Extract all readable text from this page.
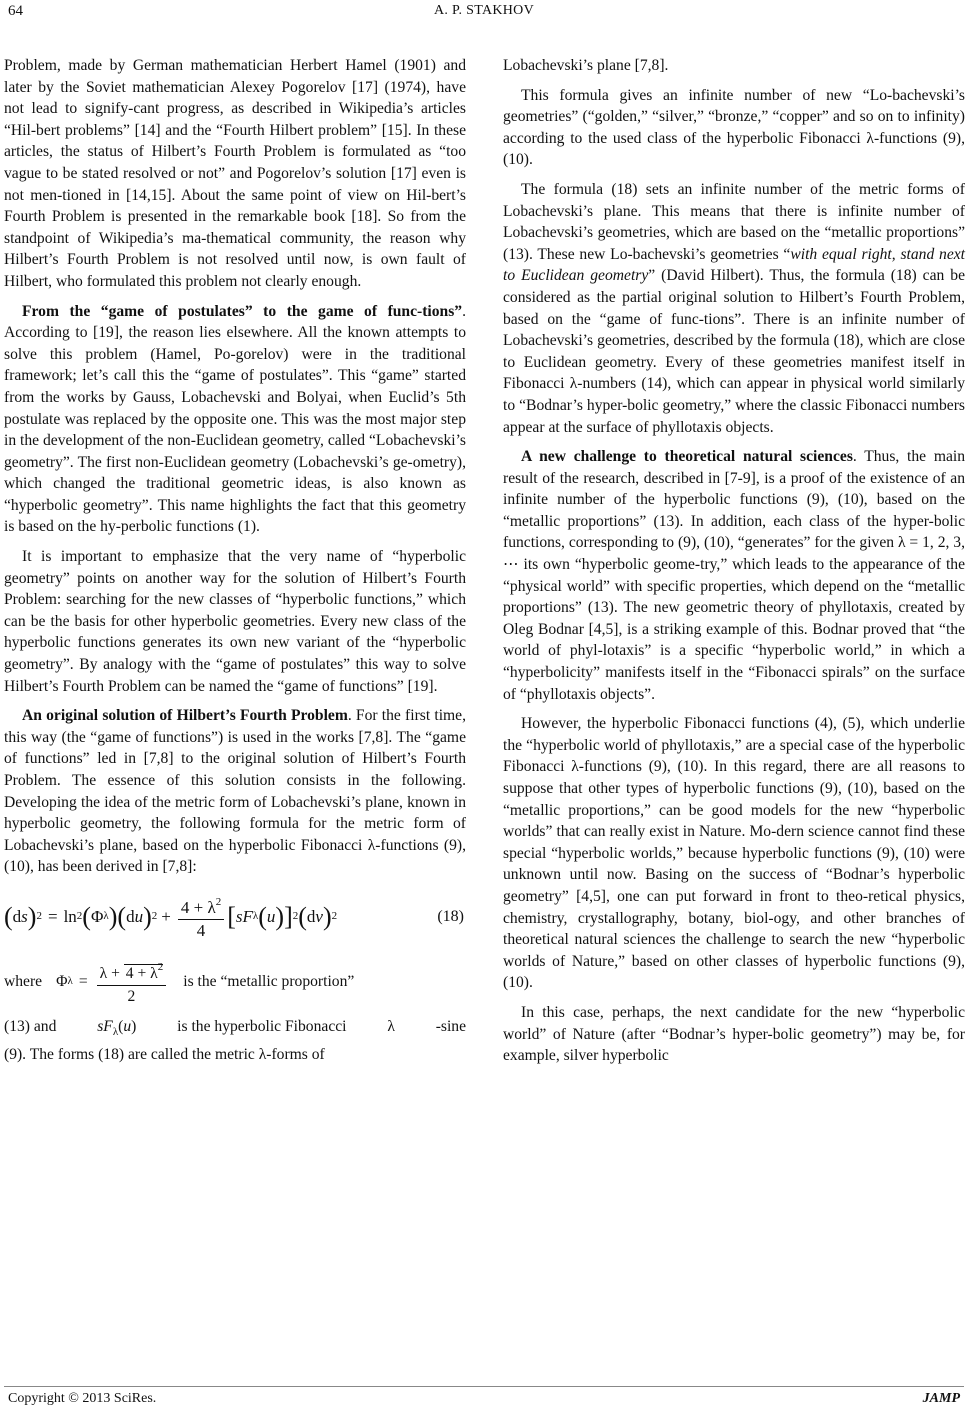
64	A. P. STAKHOV

Problem, made by German mathematician Herbert Hamel (1901) and later by the Soviet mathematician Alexey Pogorelov [17] (1974), have not lead to signify-cant progress, as described in Wikipedia’s articles “Hil-bert problems” [14] and the “Fourth Hilbert problem” [15]. In these articles, the status of Hilbert’s Fourth Problem is formulated as “too vague to be stated resolved or not” and Pogorelov’s solution [17] even is not men-tioned in [14,15]. About the same point of view on Hil-bert’s Fourth Problem is presented in the remarkable book [18]. So from the standpoint of Wikipedia’s ma-thematical community, the reason why Hilbert’s Fourth Problem is not resolved until now, is own fault of Hilbert, who formulated this problem not clearly enough.

From the “game of postulates” to the game of func-tions”. According to [19], the reason lies elsewhere. All the known attempts to solve this problem (Hamel, Po-gorelov) were in the traditional framework; let’s call this the “game of postulates”. This “game” started from the works by Gauss, Lobachevski and Bolyai, when Euclid’s 5th postulate was replaced by the opposite one. This was the most major step in the development of the non-Euclidean geometry, called “Lobachevski’s geometry”. The first non-Euclidean geometry (Lobachevski’s ge-ometry), which changed the traditional geometric ideas, is also known as “hyperbolic geometry”. This name highlights the fact that this geometry is based on the hy-perbolic functions (1).

It is important to emphasize that the very name of “hyperbolic geometry” points on another way for the solution of Hilbert’s Fourth Problem: searching for the new classes of “hyperbolic functions,” which can be the basis for other hyperbolic geometries. Every new class of the hyperbolic functions generates its own new variant of the “hyperbolic geometry”. By analogy with the “game of postulates” this way to solve Hilbert’s Fourth Problem can be named the “game of functions” [19].

An original solution of Hilbert’s Fourth Problem. For the first time, this way (the “game of functions”) is used in the works [7,8]. The “game of functions” led in [7,8] to the original solution of Hilbert’s Fourth Problem. The essence of this solution consists in the following. Developing the idea of the metric form of Lobachevski’s plane, known in hyperbolic geometry, the following formula for the metric form of Lobachevski’s plane, based on the hyperbolic Fibonacci λ-functions (9), (10), has been derived in [7,8]:

( d s ) 2 = ln 2 ( Φ λ ) ( d u ) $2 + \frac{4 + \lambda^2}{4}$ [ sF λ ( u ) ] 2 ( d v ) 2	(18)
where Φ $\lambda = \frac{\lambda + 4 + \lambda^2}{2}$ is the “metallic proportion”

(13) and	$sF_\lambda(u)$	is the hyperbolic Fibonacci	λ	-sine

(9). The forms (18) are called the metric λ-forms of

Lobachevski’s plane [7,8].

This formula gives an infinite number of new “Lo-bachevski’s geometries” (“golden,” “silver,” “bronze,” “copper” and so on to infinity) according to the used class of the hyperbolic Fibonacci λ-functions (9), (10).

The formula (18) sets an infinite number of the metric forms of Lobachevski’s plane. This means that there is infinite number of Lobachevski’s geometries, which are based on the “metallic proportions” (13). These new Lo-bachevski’s geometries “with equal right, stand next to Euclidean geometry” (David Hilbert). Thus, the formula (18) can be considered as the partial original solution to Hilbert’s Fourth Problem, based on the “game of func-tions”. There is an infinite number of Lobachevski’s geometries, described by the formula (18), which are close to Euclidean geometry. Every of these geometries manifest itself in Fibonacci λ-numbers (14), which can appear in physical world similarly to “Bodnar’s hyper-bolic geometry,” where the classic Fibonacci numbers appear at the surface of phyllotaxis objects.

A new challenge to theoretical natural sciences. Thus, the main result of the research, described in [7-9], is a proof of the existence of an infinite number of the hyperbolic functions (9), (10), based on the “metallic proportions” (13). In addition, each class of the hyper-bolic functions, corresponding to (9), (10), “generates” for the given λ = 1, 2, 3, ⋯ its own “hyperbolic geome-try,” which leads to the appearance of the “physical world” with specific properties, which depend on the “metallic proportions” (13). The new geometric theory of phyllotaxis, created by Oleg Bodnar [4,5], is a striking example of this. Bodnar proved that “the world of phyl-lotaxis” is a specific “hyperbolic world,” in which a “hyperbolicity” manifests itself in the “Fibonacci spirals” on the surface of “phyllotaxis objects”.

However, the hyperbolic Fibonacci functions (4), (5), which underlie the “hyperbolic world of phyllotaxis,” are a special case of the hyperbolic Fibonacci λ-functions (9), (10). In this regard, there are all reasons to suppose that other types of hyperbolic functions (9), (10), based on the “metallic proportions,” can be good models for the new “hyperbolic worlds” that can really exist in Nature. Mo-dern science cannot find these special “hyperbolic worlds,” because hyperbolic functions (9), (10) were unknown until now. Basing on the success of “Bodnar’s hyperbolic geometry” [4,5], one can put forward in front to theo-retical physics, chemistry, crystallography, botany, biol-ogy, and other branches of theoretical natural sciences the challenge to search the new “hyperbolic worlds of Nature,” based on other classes of hyperbolic functions (9), (10).

In this case, perhaps, the next candidate for the new “hyperbolic world” of Nature (after “Bodnar’s hyper-bolic geometry”) may be, for example, silver hyperbolic

Copyright © 2013 SciRes.	JAMP
